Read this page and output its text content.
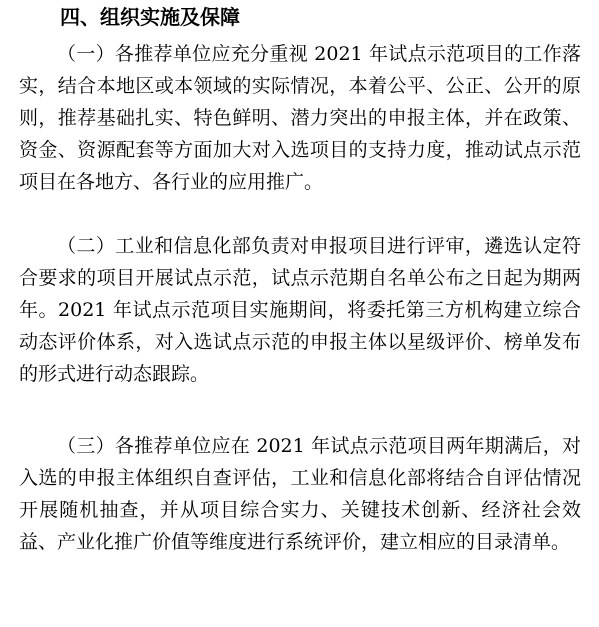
四、组织实施及保障

（一）各推荐单位应充分重视 2021 年试点示范项目的工作落实，结合本地区或本领域的实际情况，本着公平、公正、公开的原则，推荐基础扎实、特色鲜明、潜力突出的申报主体，并在政策、资金、资源配套等方面加大对入选项目的支持力度，推动试点示范项目在各地方、各行业的应用推广。

（二）工业和信息化部负责对申报项目进行评审，遴选认定符合要求的项目开展试点示范，试点示范期自名单公布之日起为期两年。2021 年试点示范项目实施期间，将委托第三方机构建立综合动态评价体系，对入选试点示范的申报主体以星级评价、榜单发布的形式进行动态跟踪。

（三）各推荐单位应在 2021 年试点示范项目两年期满后，对入选的申报主体组织自查评估，工业和信息化部将结合自评估情况开展随机抽查，并从项目综合实力、关键技术创新、经济社会效益、产业化推广价值等维度进行系统评价，建立相应的目录清单。
